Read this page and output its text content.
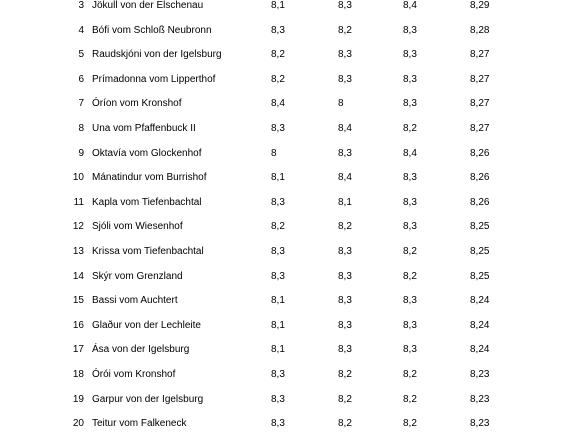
3 Jökull von der Elschenau	8,1	8,3	8,4	8,29
4 Bófi vom Schloß Neubronn	8,3	8,2	8,3	8,28
5 Raudskjóni von der Igelsburg	8,2	8,3	8,3	8,27
6 Prímadonna vom Lipperthof	8,2	8,3	8,3	8,27
7 Óríon vom Kronshof	8,4	8	8,3	8,27
8 Una vom Pfaffenbuck II	8,3	8,4	8,2	8,27
9 Oktavía vom Glockenhof	8	8,3	8,4	8,26
10 Mánatindur vom Burrishof	8,1	8,4	8,3	8,26
11 Kapla vom Tiefenbachtal	8,3	8,1	8,3	8,26
12 Sjóli vom Wiesenhof	8,2	8,2	8,3	8,25
13 Krissa vom Tiefenbachtal	8,3	8,3	8,2	8,25
14 Skýr vom Grenzland	8,3	8,3	8,2	8,25
15 Bassi vom Auchtert	8,1	8,3	8,3	8,24
16 Glaður von der Lechleite	8,1	8,3	8,3	8,24
17 Ása von der Igelsburg	8,1	8,3	8,3	8,24
18 Órói vom Kronshof	8,3	8,2	8,2	8,23
19 Garpur von der Igelsburg	8,3	8,2	8,2	8,23
20 Teitur vom Falkeneck	8,3	8,2	8,2	8,23
